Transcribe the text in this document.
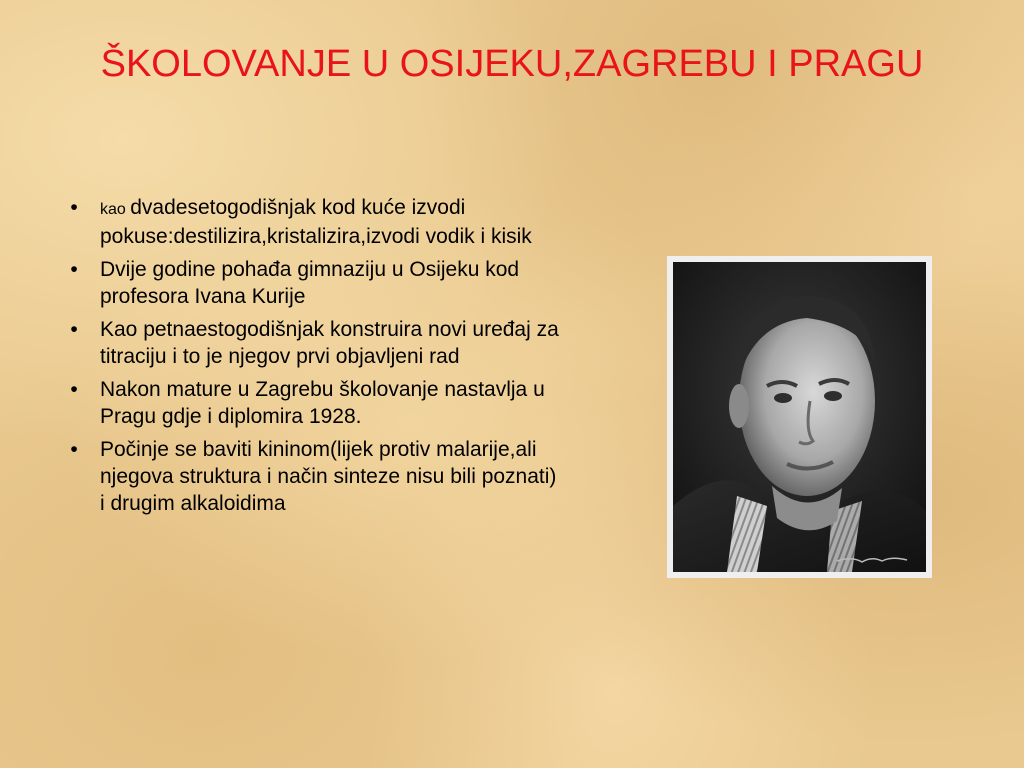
ŠKOLOVANJE U OSIJEKU,ZAGREBU I PRAGU
•	kao dvadesetogodišnjak kod kuće izvodi pokuse:destilizira,kristalizira,izvodi vodik i kisik
•	Dvije godine pohađa gimnaziju u Osijeku kod profesora Ivana Kurije
•	Kao petnaestogodišnjak konstruira novi uređaj za titraciju i to je njegov prvi objavljeni rad
•	Nakon mature u Zagrebu školovanje nastavlja u Pragu gdje i diplomira 1928.
•	Počinje se baviti kininom(lijek protiv malarije,ali njegova struktura i način sinteze nisu bili poznati) i drugim alkaloidima
